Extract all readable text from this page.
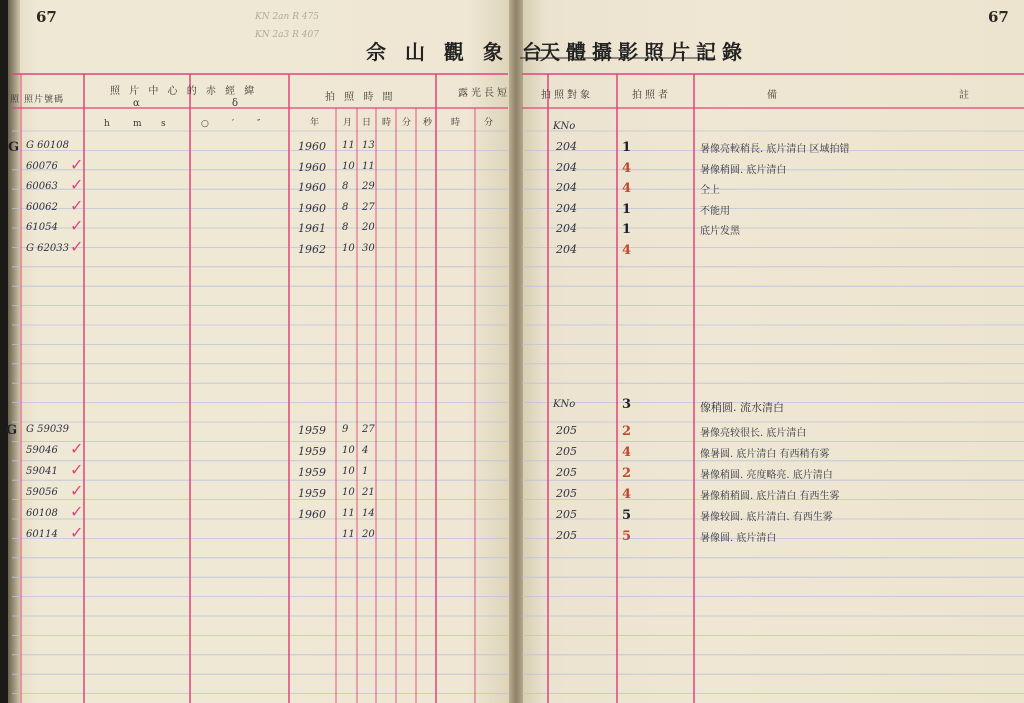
67	67
KN 2an R 475
KN 2a3 R 407
佘 山 觀 象 台
天體攝影照片記錄
照 照片號碼
照 片 中 心 的 赤 經 緯
α	δ
h m s	○ ′ ″
拍 照 時 間
年	月 日 時 分 秒
露光長短
時	分
拍照對象	拍照者	備	註
G
KNo
G 60108	1960 11 13	204	1	暑像亮較稍長. 底片清白 区域拍错
60076	1960 10 11	204	4	暑像稍圆. 底片清白
✓
60063	1960 8 29	204	4	仝上
✓
60062	1960 8 27	204	1	不能用
✓
61054	1961 8 20	204	1	底片发黑
✓
G 62033	1962 10 30	204	4
✓
G
KNo	3	像稍圆. 流水清白
G 59039	1959 9 27	205	2	暑像亮较很长. 底片清白
59046	1959 10 4	205	4	像暑圆. 底片清白 有西稍有雾
✓
59041	1959 10 1	205	2	暑像稍圆. 亮度略亮. 底片清白
✓
59056	1959 10 21	205	4	暑像稍稍圆. 底片清白 有西生雾
✓
60108	1960 11 14	205	5	暑像较圆. 底片清白. 有西生雾
✓
60114	11 20	205	5	暑像圆. 底片清白
✓
